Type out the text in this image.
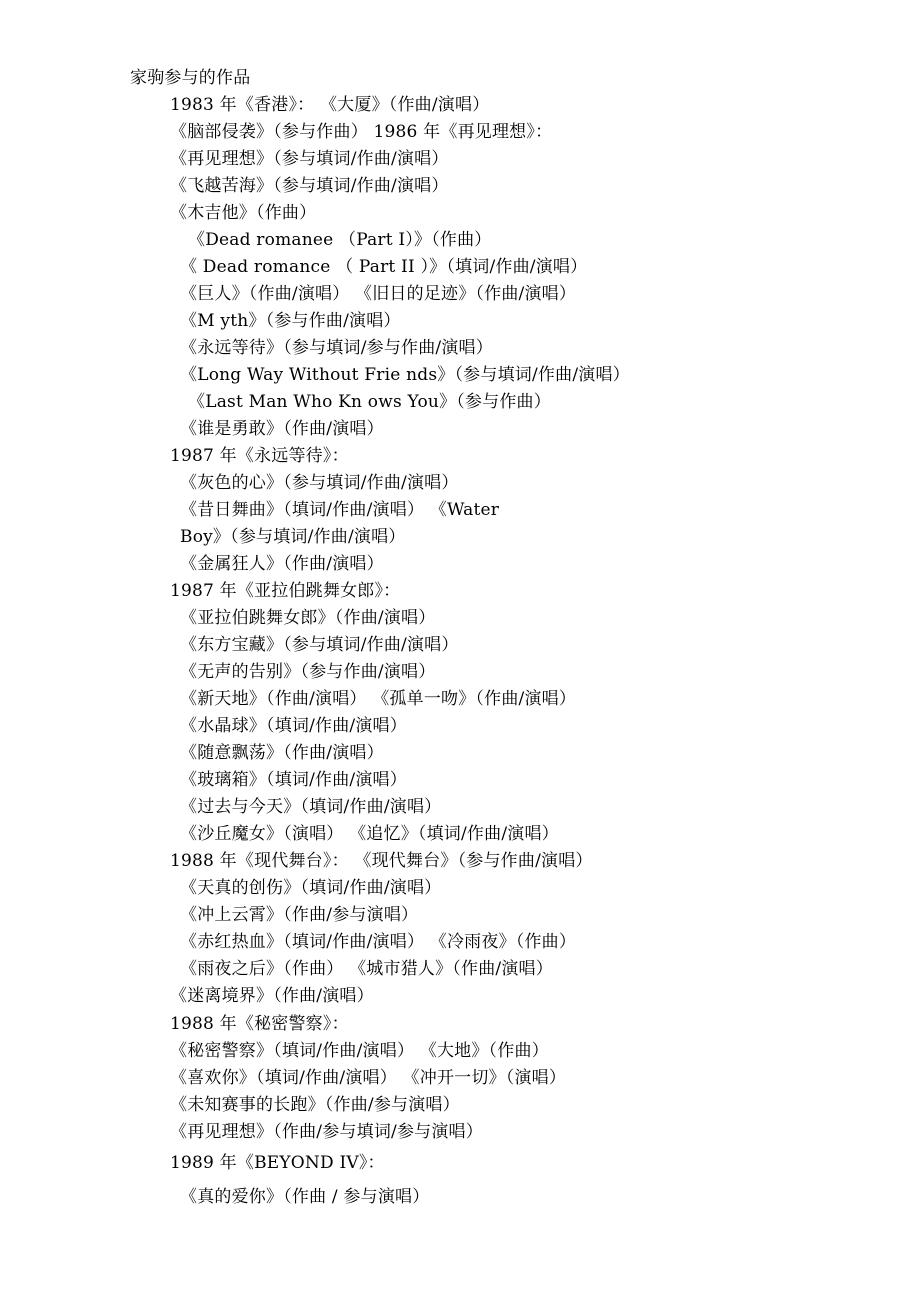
家驹参与的作品
1983 年《香港》： 《大厦》（作曲/演唱）
《脑部侵袭》（参与作曲） 1986 年《再见理想》：
《再见理想》（参与填词/作曲/演唱）
《飞越苦海》（参与填词/作曲/演唱）
《木吉他》（作曲）
《Dead romanee （Part I）》（作曲）
《 Dead romance （ Part II ）》（填词/作曲/演唱）
《巨人》（作曲/演唱） 《旧日的足迹》（作曲/演唱）
《M yth》（参与作曲/演唱）
《永远等待》（参与填词/参与作曲/演唱）
《Long Way Without Frie nds》（参与填词/作曲/演唱）
《Last Man Who Kn ows You》（参与作曲）
《谁是勇敢》（作曲/演唱）
1987 年《永远等待》：
《灰色的心》（参与填词/作曲/演唱）
《昔日舞曲》（填词/作曲/演唱） 《Water
Boy》（参与填词/作曲/演唱）
《金属狂人》（作曲/演唱）
1987 年《亚拉伯跳舞女郎》：
《亚拉伯跳舞女郎》（作曲/演唱）
《东方宝藏》（参与填词/作曲/演唱）
《无声的告别》（参与作曲/演唱）
《新天地》（作曲/演唱） 《孤单一吻》（作曲/演唱）
《水晶球》（填词/作曲/演唱）
《随意飘荡》（作曲/演唱）
《玻璃箱》（填词/作曲/演唱）
《过去与今天》（填词/作曲/演唱）
《沙丘魔女》（演唱） 《追忆》（填词/作曲/演唱）
1988 年《现代舞台》： 《现代舞台》（参与作曲/演唱）
《天真的创伤》（填词/作曲/演唱）
《冲上云霄》（作曲/参与演唱）
《赤红热血》（填词/作曲/演唱） 《冷雨夜》（作曲）
《雨夜之后》（作曲） 《城市猎人》（作曲/演唱）
《迷离境界》（作曲/演唱）
1988 年《秘密警察》：
《秘密警察》（填词/作曲/演唱） 《大地》（作曲）
《喜欢你》（填词/作曲/演唱） 《冲开一切》（演唱）
《未知赛事的长跑》（作曲/参与演唱）
《再见理想》（作曲/参与填词/参与演唱）
1989 年《BEYOND IV》：
《真的爱你》（作曲 / 参与演唱）
